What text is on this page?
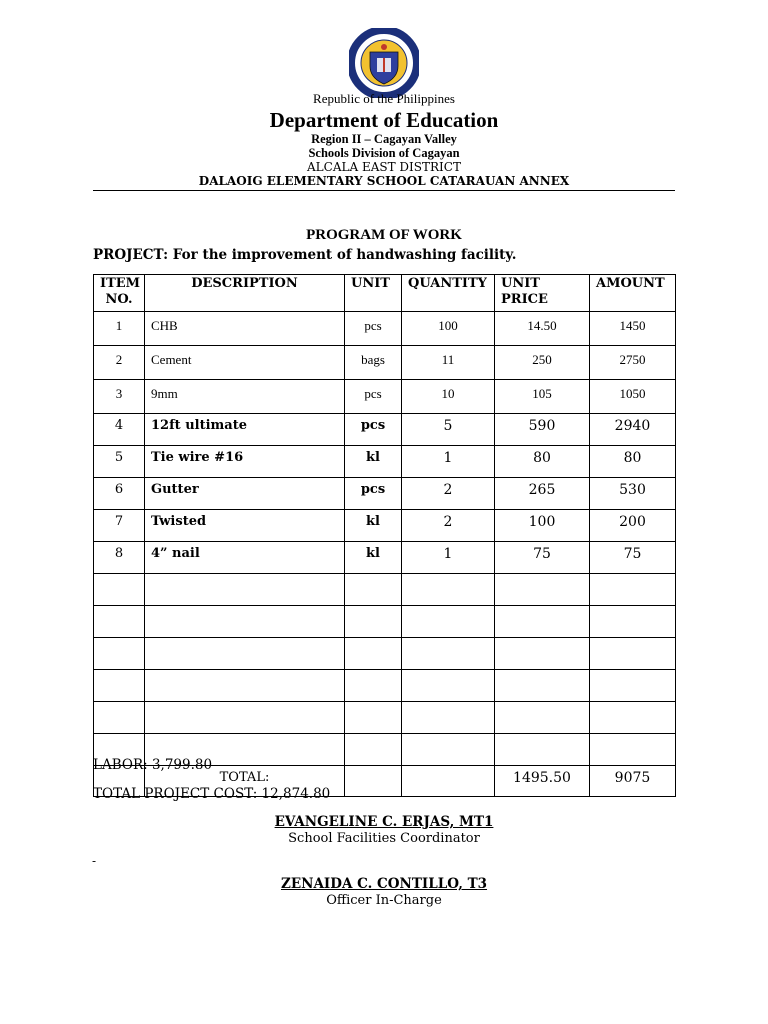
Republic of the Philippines
Department of Education
Region II – Cagayan Valley
Schools Division of Cagayan
ALCALA EAST DISTRICT
DALAOIG ELEMENTARY SCHOOL CATARAUAN ANNEX
PROGRAM OF WORK
PROJECT: For the improvement of handwashing facility.
ITEM NO.	DESCRIPTION	UNIT	QUANTITY	UNIT PRICE	AMOUNT
1	CHB	pcs	100	14.50	1450
2	Cement	bags	11	250	2750
3	9mm	pcs	10	105	1050
4	12ft ultimate	pcs	5	590	2940
5	Tie wire #16	kl	1	80	80
6	Gutter	pcs	2	265	530
7	Twisted	kl	2	100	200
8	4” nail	kl	1	75	75

	TOTAL:			1495.50	9075
LABOR: 3,799.80
TOTAL PROJECT COST: 12,874.80
EVANGELINE C. ERJAS, MT1
School Facilities Coordinator
-
ZENAIDA C. CONTILLO, T3
Officer In-Charge
